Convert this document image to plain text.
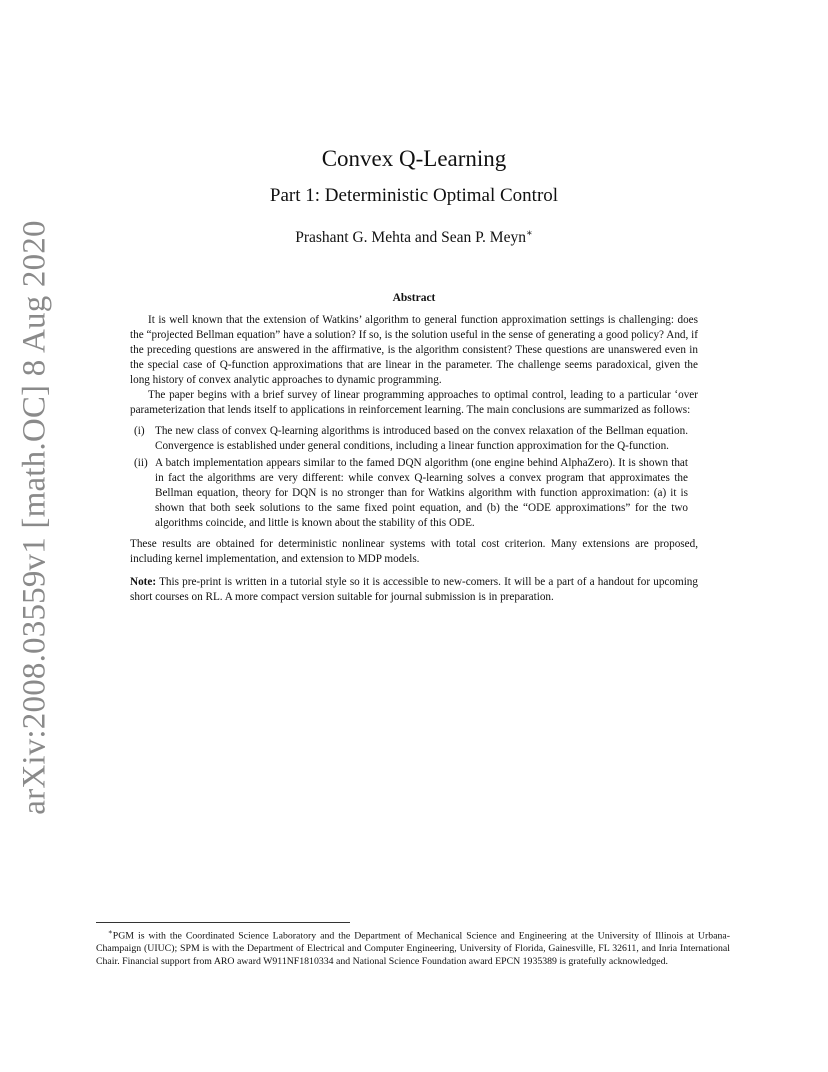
arXiv:2008.03559v1 [math.OC] 8 Aug 2020
Convex Q-Learning
Part 1: Deterministic Optimal Control
Prashant G. Mehta and Sean P. Meyn∗
Abstract

It is well known that the extension of Watkins’ algorithm to general function approximation settings is challenging: does the “projected Bellman equation” have a solution? If so, is the solution useful in the sense of generating a good policy? And, if the preceding questions are answered in the affirmative, is the algorithm consistent? These questions are unanswered even in the special case of Q-function approximations that are linear in the parameter. The challenge seems paradoxical, given the long history of convex analytic approaches to dynamic programming.

The paper begins with a brief survey of linear programming approaches to optimal control, leading to a particular ‘over parameterization that lends itself to applications in reinforcement learning. The main conclusions are summarized as follows:

(i) The new class of convex Q-learning algorithms is introduced based on the convex relaxation of the Bellman equation. Convergence is established under general conditions, including a linear function approximation for the Q-function.
(ii) A batch implementation appears similar to the famed DQN algorithm (one engine behind AlphaZero). It is shown that in fact the algorithms are very different: while convex Q-learning solves a convex program that approximates the Bellman equation, theory for DQN is no stronger than for Watkins algorithm with function approximation: (a) it is shown that both seek solutions to the same fixed point equation, and (b) the “ODE approximations” for the two algorithms coincide, and little is known about the stability of this ODE.

These results are obtained for deterministic nonlinear systems with total cost criterion. Many extensions are proposed, including kernel implementation, and extension to MDP models.

Note: This pre-print is written in a tutorial style so it is accessible to new-comers. It will be a part of a handout for upcoming short courses on RL. A more compact version suitable for journal submission is in preparation.

∗PGM is with the Coordinated Science Laboratory and the Department of Mechanical Science and Engineering at the University of Illinois at Urbana-Champaign (UIUC); SPM is with the Department of Electrical and Computer Engineering, University of Florida, Gainesville, FL 32611, and Inria International Chair. Financial support from ARO award W911NF1810334 and National Science Foundation award EPCN 1935389 is gratefully acknowledged.
